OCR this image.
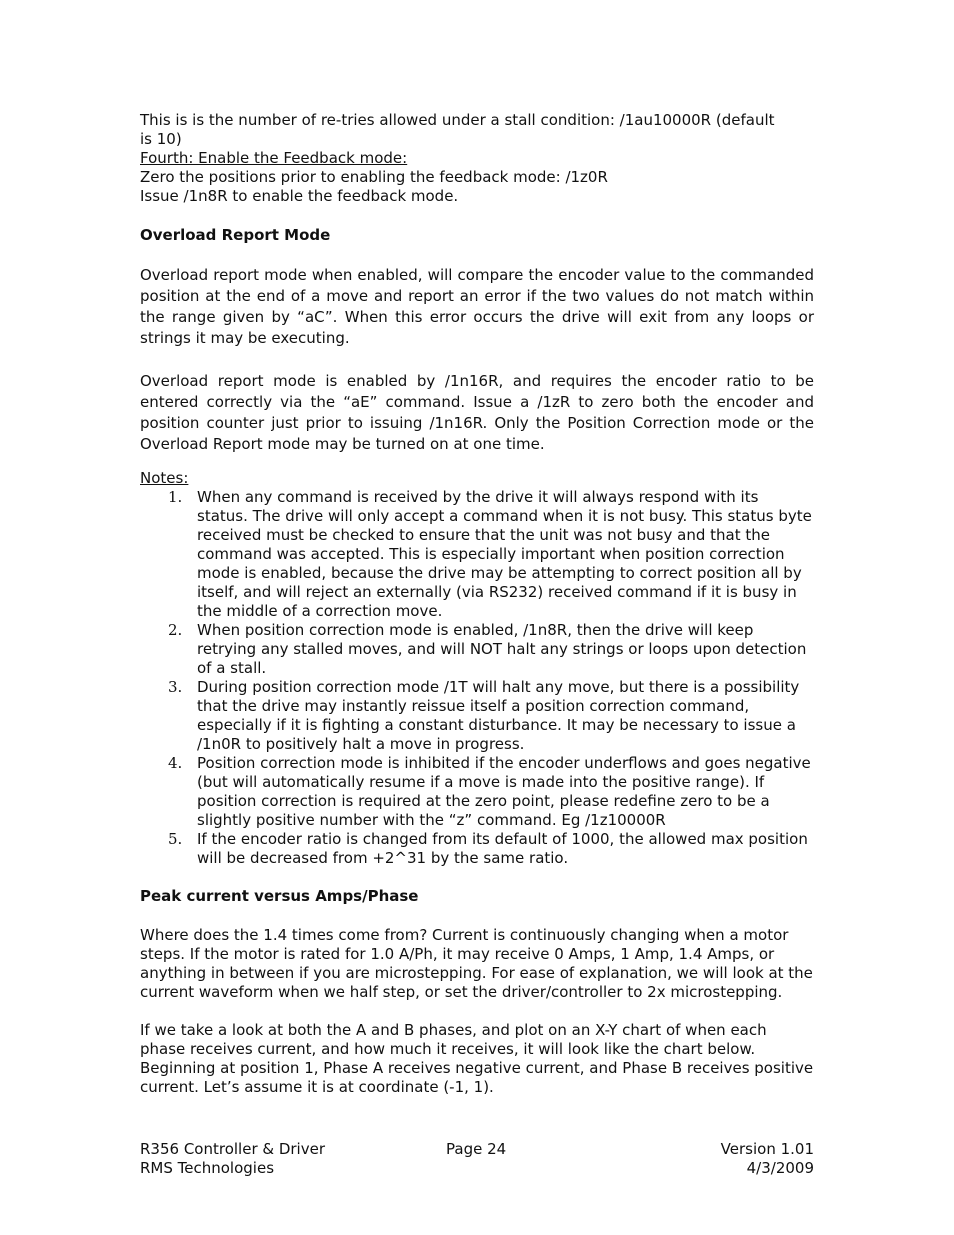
This is is the number of re-tries allowed under a stall condition: /1au10000R (default
is 10)
Fourth: Enable the Feedback mode:
Zero the positions prior to enabling the feedback mode: /1z0R
Issue /1n8R to enable the feedback mode.
Overload Report Mode

Overload report mode when enabled, will compare the encoder value to the commanded position at the end of a move and report an error if the two values do not match within the range given by “aC”. When this error occurs the drive will exit from any loops or strings it may be executing.

Overload report mode is enabled by /1n16R, and requires the encoder ratio to be entered correctly via the “aE” command. Issue a /1zR to zero both the encoder and position counter just prior to issuing /1n16R. Only the Position Correction mode or the Overload Report mode may be turned on at one time.

Notes:
1. When any command is received by the drive it will always respond with its status. The drive will only accept a command when it is not busy. This status byte received must be checked to ensure that the unit was not busy and that the command was accepted. This is especially important when position correction mode is enabled, because the drive may be attempting to correct position all by itself, and will reject an externally (via RS232) received command if it is busy in the middle of a correction move.
2. When position correction mode is enabled, /1n8R, then the drive will keep retrying any stalled moves, and will NOT halt any strings or loops upon detection of a stall.
3. During position correction mode /1T will halt any move, but there is a possibility that the drive may instantly reissue itself a position correction command, especially if it is fighting a constant disturbance. It may be necessary to issue a /1n0R to positively halt a move in progress.
4. Position correction mode is inhibited if the encoder underflows and goes negative (but will automatically resume if a move is made into the positive range). If position correction is required at the zero point, please redefine zero to be a slightly positive number with the “z” command. Eg /1z10000R
5. If the encoder ratio is changed from its default of 1000, the allowed max position will be decreased from +2^31 by the same ratio.
Peak current versus Amps/Phase

Where does the 1.4 times come from? Current is continuously changing when a motor steps. If the motor is rated for 1.0 A/Ph, it may receive 0 Amps, 1 Amp, 1.4 Amps, or anything in between if you are microstepping. For ease of explanation, we will look at the current waveform when we half step, or set the driver/controller to 2x microstepping.

If we take a look at both the A and B phases, and plot on an X-Y chart of when each phase receives current, and how much it receives, it will look like the chart below. Beginning at position 1, Phase A receives negative current, and Phase B receives positive current. Let’s assume it is at coordinate (-1, 1).

R356 Controller & Driver
RMS Technologies
Page 24	Version 1.01
4/3/2009
